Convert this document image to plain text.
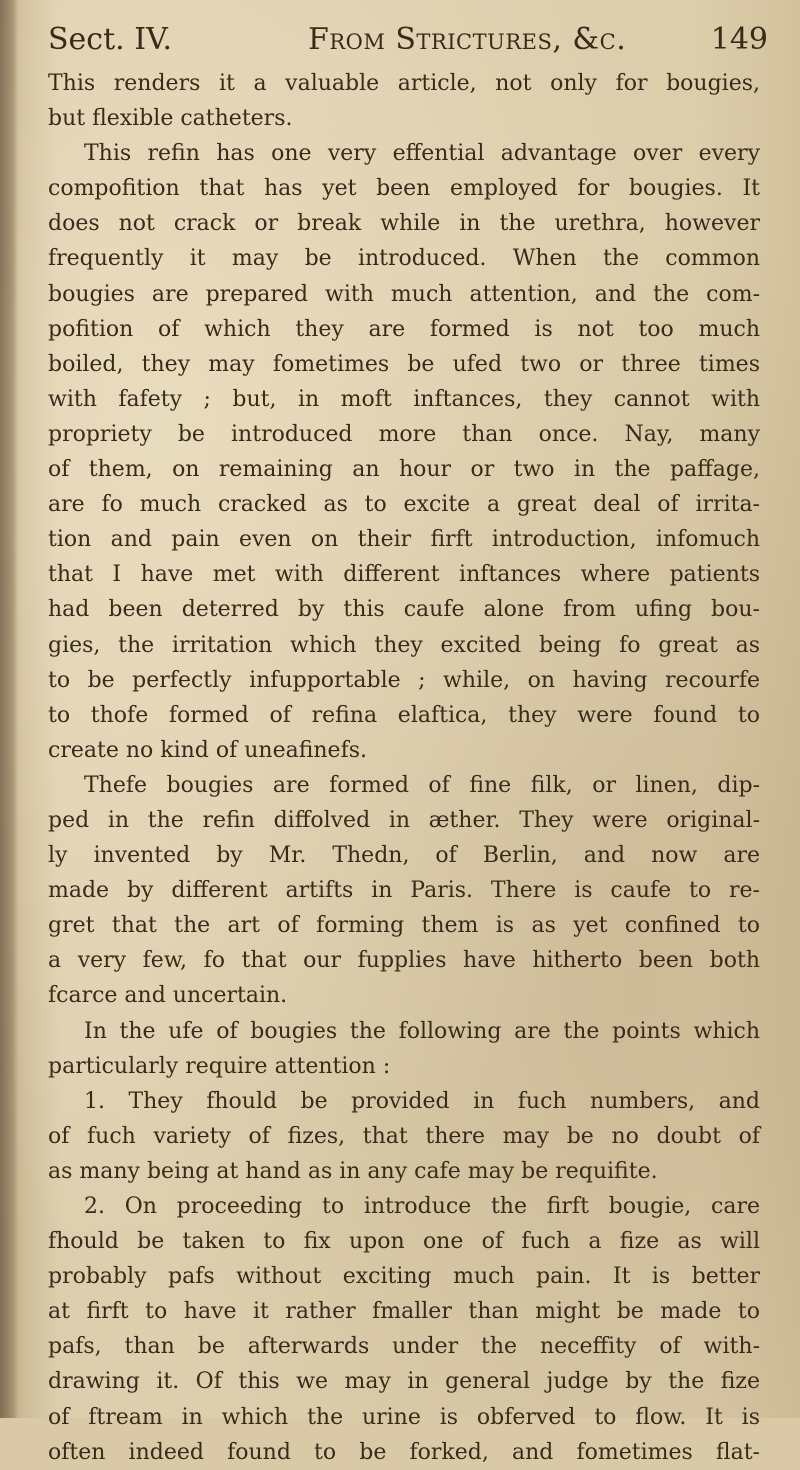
Sect. IV.	From Strictures, &c.	149
This renders it a valuable article, not only for bougies,
but flexible catheters.
This refin has one very effential advantage over every
compofition that has yet been employed for bougies. It
does not crack or break while in the urethra, however
frequently it may be introduced. When the common
bougies are prepared with much attention, and the com-
pofition of which they are formed is not too much
boiled, they may fometimes be ufed two or three times
with fafety ; but, in moft inftances, they cannot with
propriety be introduced more than once. Nay, many
of them, on remaining an hour or two in the paffage,
are fo much cracked as to excite a great deal of irrita-
tion and pain even on their firft introduction, infomuch
that I have met with different inftances where patients
had been deterred by this caufe alone from ufing bou-
gies, the irritation which they excited being fo great as
to be perfectly infupportable ; while, on having recourfe
to thofe formed of refina elaftica, they were found to
create no kind of uneafinefs.
Thefe bougies are formed of fine filk, or linen, dip-
ped in the refin diffolved in æther. They were original-
ly invented by Mr. Thedn, of Berlin, and now are
made by different artifts in Paris. There is caufe to re-
gret that the art of forming them is as yet confined to
a very few, fo that our fupplies have hitherto been both
fcarce and uncertain.
In the ufe of bougies the following are the points which
particularly require attention :
1. They fhould be provided in fuch numbers, and
of fuch variety of fizes, that there may be no doubt of
as many being at hand as in any cafe may be requifite.
2. On proceeding to introduce the firft bougie, care
fhould be taken to fix upon one of fuch a fize as will
probably pafs without exciting much pain. It is better
at firft to have it rather fmaller than might be made to
pafs, than be afterwards under the neceffity of with-
drawing it. Of this we may in general judge by the fize
of ftream in which the urine is obferved to flow. It is
often indeed found to be forked, and fometimes flat-
